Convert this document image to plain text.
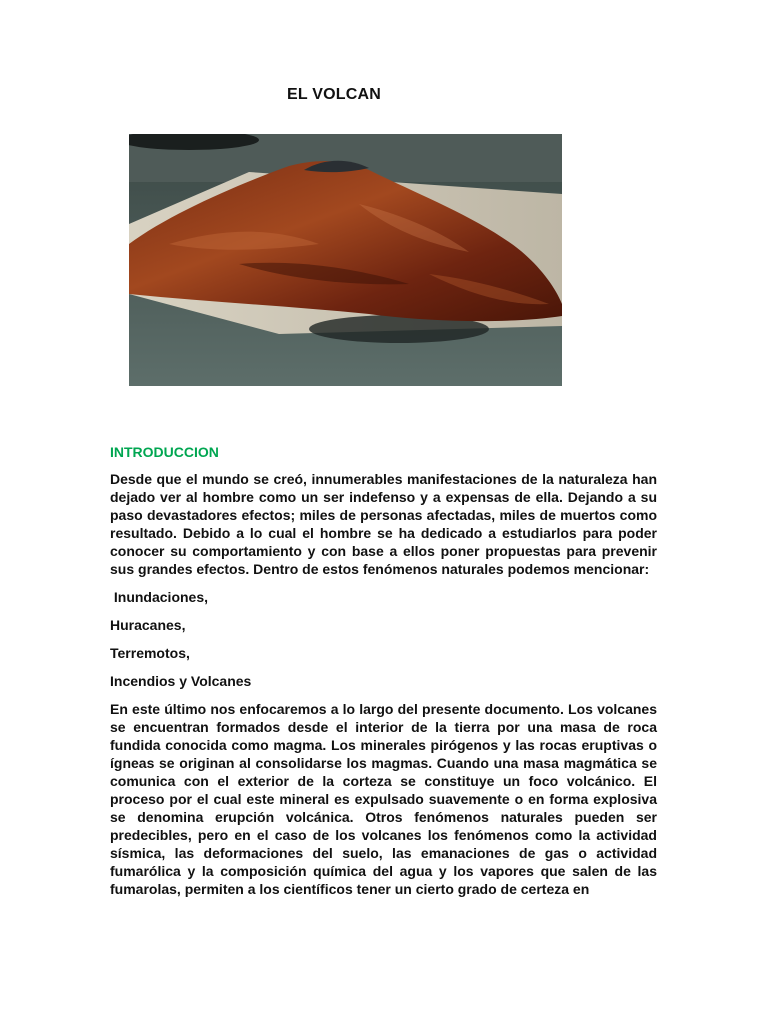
EL VOLCAN
INTRODUCCION

Desde que el mundo se creó, innumerables manifestaciones de la naturaleza han dejado ver al hombre como un ser indefenso y a expensas de ella. Dejando a su paso devastadores efectos; miles de personas afectadas, miles de muertos como resultado. Debido a lo cual el hombre se ha dedicado a estudiarlos para poder conocer su comportamiento y con base a ellos poner propuestas para prevenir sus grandes efectos. Dentro de estos fenómenos naturales podemos mencionar:

Inundaciones,

Huracanes,

Terremotos,

Incendios y Volcanes

En este último nos enfocaremos a lo largo del presente documento. Los volcanes se encuentran formados desde el interior de la tierra por una masa de roca fundida conocida como magma. Los minerales pirógenos y las rocas eruptivas o ígneas se originan al consolidarse los magmas. Cuando una masa magmática se comunica con el exterior de la corteza se constituye un foco volcánico. El proceso por el cual este mineral es expulsado suavemente o en forma explosiva se denomina erupción volcánica. Otros fenómenos naturales pueden ser predecibles, pero en el caso de los volcanes los fenómenos como la actividad sísmica, las deformaciones del suelo, las emanaciones de gas o actividad fumarólica y la composición química del agua y los vapores que salen de las fumarolas, permiten a los científicos tener un cierto grado de certeza en
